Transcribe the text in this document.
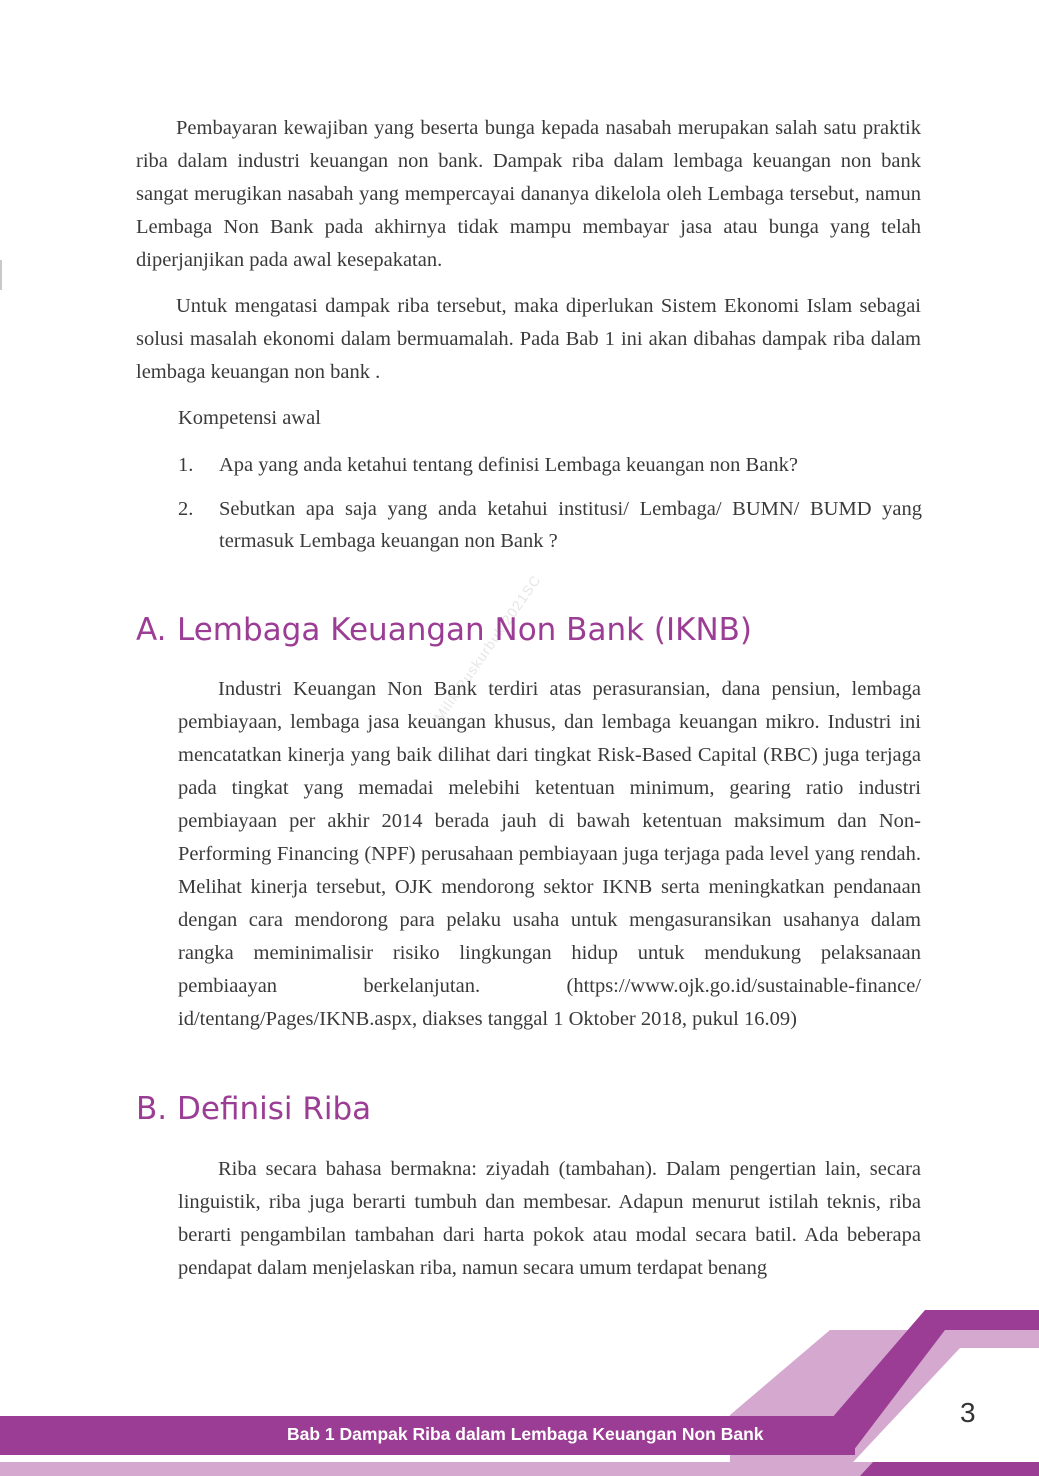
Milik Puskurbuk 2021SC

Pembayaran kewajiban yang beserta bunga kepada nasabah merupakan salah satu praktik riba dalam industri keuangan non bank. Dampak riba dalam lembaga keuangan non bank sangat merugikan nasabah yang mempercayai dananya dikelola oleh Lembaga tersebut, namun Lembaga Non Bank pada akhirnya tidak mampu membayar jasa atau bunga yang telah diperjanjikan pada awal kesepakatan.

Untuk mengatasi dampak riba tersebut, maka diperlukan Sistem Ekonomi Islam sebagai solusi masalah ekonomi dalam bermuamalah. Pada Bab 1 ini akan dibahas dampak riba dalam lembaga keuangan non bank .

Kompetensi awal

1. Apa yang anda ketahui tentang definisi Lembaga keuangan non Bank?
2. Sebutkan apa saja yang anda ketahui institusi/ Lembaga/ BUMN/ BUMD yang termasuk Lembaga keuangan non Bank ?
A. Lembaga Keuangan Non Bank (IKNB)

Industri Keuangan Non Bank terdiri atas perasuransian, dana pensiun, lembaga pembiayaan, lembaga jasa keuangan khusus, dan lembaga keuangan mikro. Industri ini mencatatkan kinerja yang baik dilihat dari tingkat Risk-Based Capital (RBC) juga terjaga pada tingkat yang memadai melebihi ketentuan minimum, gearing ratio industri pembiayaan per akhir 2014 berada jauh di bawah ketentuan maksimum dan Non-Performing Financing (NPF) perusahaan pembiayaan juga terjaga pada level yang rendah. Melihat kinerja tersebut, OJK mendorong sektor IKNB serta meningkatkan pendanaan dengan cara mendorong para pelaku usaha untuk mengasuransikan usahanya dalam rangka meminimalisir risiko lingkungan hidup untuk mendukung pelaksanaan pembiaayan berkelanjutan. (https://www.ojk.go.id/sustainable-finance/ id/tentang/Pages/IKNB.aspx, diakses tanggal 1 Oktober 2018, pukul 16.09)

B. Definisi Riba

Riba secara bahasa bermakna: ziyadah (tambahan). Dalam pengertian lain, secara linguistik, riba juga berarti tumbuh dan membesar. Adapun menurut istilah teknis, riba berarti pengambilan tambahan dari harta pokok atau modal secara batil. Ada beberapa pendapat dalam menjelaskan riba, namun secara umum terdapat benang

Bab 1 Dampak Riba dalam Lembaga Keuangan Non Bank
3
